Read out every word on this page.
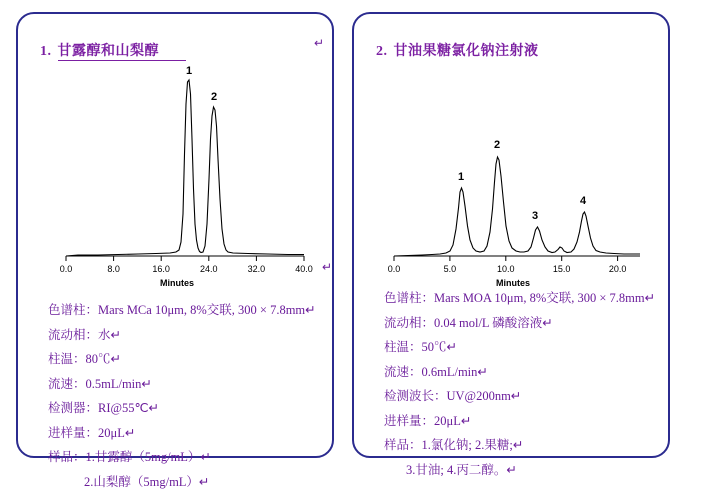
1. 甘露醇和山梨醇
0.0	8.0	16.0	24.0	32.0	40.0
1
2
Minutes
色谱柱：Mars MCa 10μm, 8%交联, 300 × 7.8mm↵
流动相：水↵
柱温：80℃↵
流速：0.5mL/min↵
检测器：RI@55℃↵
进样量：20μL↵
样品：1.甘露醇（5mg/mL）↵
2.山梨醇（5mg/mL）↵
2. 甘油果糖氯化钠注射液
0.0	5.0	10.0	15.0	20.0
1
2
3
4
Minutes
色谱柱：Mars MOA 10μm, 8%交联, 300 × 7.8mm↵
流动相：0.04 mol/L 磷酸溶液↵
柱温：50℃↵
流速：0.6mL/min↵
检测波长：UV@200nm↵
进样量：20μL↵
样品：1.氯化钠; 2.果糖;↵
3.甘油; 4.丙二醇。↵
↵
↵
